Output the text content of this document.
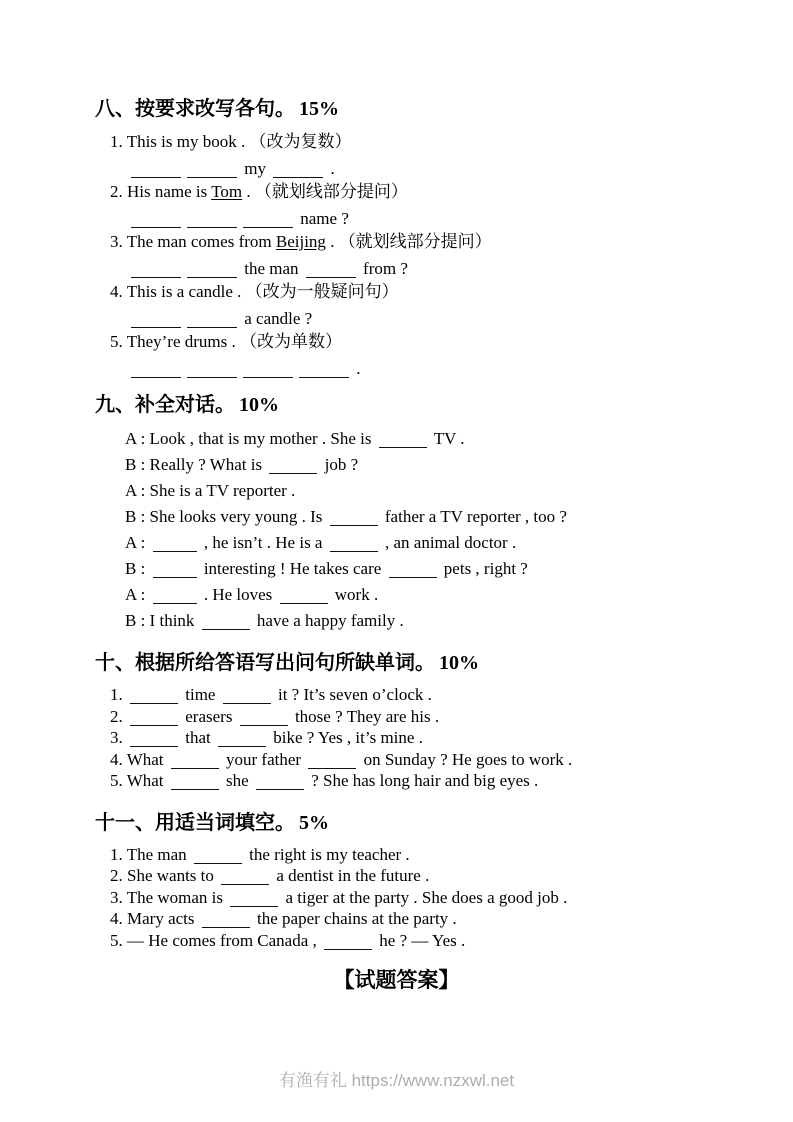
八、按要求改写各句。 15%
1. This is my book . （改为复数）
my	.
2. His name is Tom . （就划线部分提问）
name ?
3. The man comes from Beijing . （就划线部分提问）
the man	from ?
4. This is a candle . （改为一般疑问句）
a candle ?
5. They’re drums . （改为单数）
.
九、补全对话。 10%
A : Look , that is my mother . She is	TV .
B : Really ? What is	job ?
A : She is a TV reporter .
B : She looks very young . Is	father a TV reporter , too ?
A :	, he isn’t . He is a	, an animal doctor .
B :	interesting ! He takes care	pets , right ?
A :	. He loves	work .
B : I think	have a happy family .
十、根据所给答语写出问句所缺单词。 10%
1.	time	it ? It’s seven o’clock .
2.	erasers	those ? They are his .
3.	that	bike ? Yes , it’s mine .
4. What	your father	on Sunday ? He goes to work .
5. What	she	? She has long hair and big eyes .
十一、用适当词填空。 5%
1. The man	the right is my teacher .
2. She wants to	a dentist in the future .
3. The woman is	a tiger at the party . She does a good job .
4. Mary acts	the paper chains at the party .
5. — He comes from Canada ,	he ? — Yes .
【试题答案】
有渔有礼 https://www.nzxwl.net
